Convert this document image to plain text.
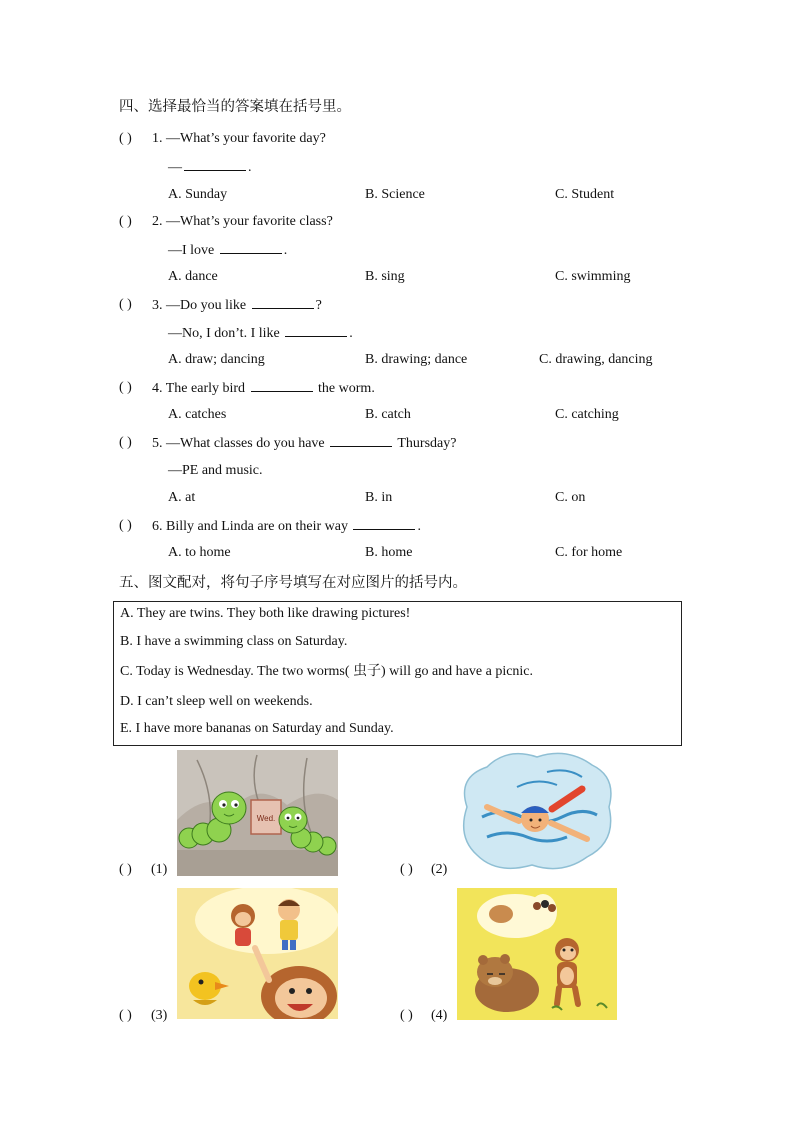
四、选择最恰当的答案填在括号里。
( ) 1. —What’s your favorite day?
—	.
A. Sunday	B. Science	C. Student
( ) 2. —What’s your favorite class?
—I love	.
A. dance	B. sing	C. swimming
( ) 3. —Do you like	?
—No, I don’t. I like	.
A. draw; dancing	B. drawing; dance	C. drawing, dancing
( ) 4. The early bird	the worm.
A. catches	B. catch	C. catching
( ) 5. —What classes do you have	Thursday?
—PE and music.
A. at	B. in	C. on
( ) 6. Billy and Linda are on their way	.
A. to home	B. home	C. for home
五、图文配对，将句子序号填写在对应图片的括号内。
A. They are twins. They both like drawing pictures!
B. I have a swimming class on Saturday.
C. Today is Wednesday. The two worms( 虫子) will go and have a picnic.
D. I can’t sleep well on weekends.
E. I have more bananas on Saturday and Sunday.
( ) (1)
Wed.
( ) (2)
( ) (3)	( ) (4)
